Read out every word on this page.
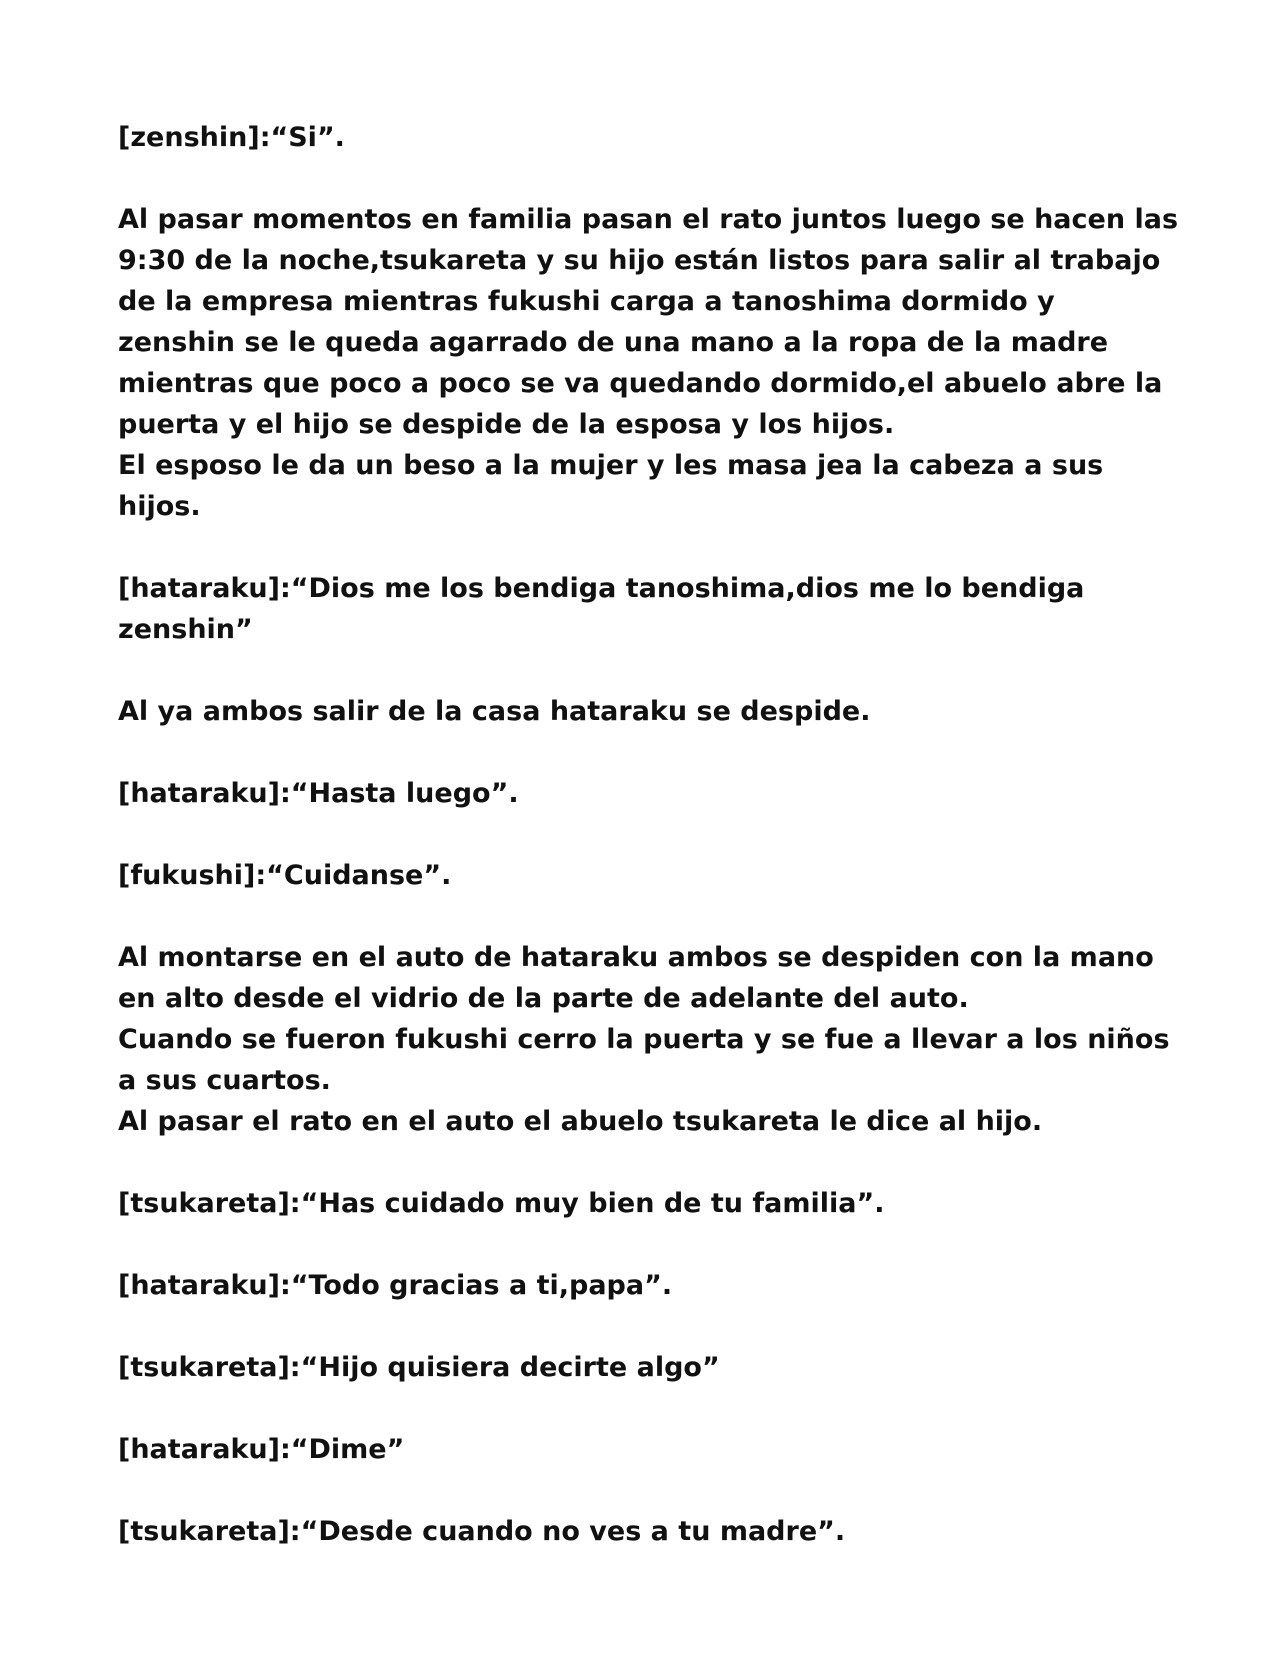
[zenshin]:“Si”.

Al pasar momentos en familia pasan el rato juntos luego se hacen las 9:30 de la noche,tsukareta y su hijo están listos para salir al trabajo de la empresa mientras fukushi carga a tanoshima dormido y zenshin se le queda agarrado de una mano a la ropa de la madre mientras que poco a poco se va quedando dormido,el abuelo abre la puerta y el hijo se despide de la esposa y los hijos.

El esposo le da un beso a la mujer y les masa jea la cabeza a sus hijos.

[hataraku]:“Dios me los bendiga tanoshima,dios me lo bendiga zenshin”

Al ya ambos salir de la casa hataraku se despide.

[hataraku]:“Hasta luego”.

[fukushi]:“Cuidanse”.

Al montarse en el auto de hataraku ambos se despiden con la mano en alto desde el vidrio de la parte de adelante del auto.

Cuando se fueron fukushi cerro la puerta y se fue a llevar a los niños a sus cuartos.

Al pasar el rato en el auto el abuelo tsukareta le dice al hijo.

[tsukareta]:“Has cuidado muy bien de tu familia”.

[hataraku]:“Todo gracias a ti,papa”.

[tsukareta]:“Hijo quisiera decirte algo”

[hataraku]:“Dime”

[tsukareta]:“Desde cuando no ves a tu madre”.
